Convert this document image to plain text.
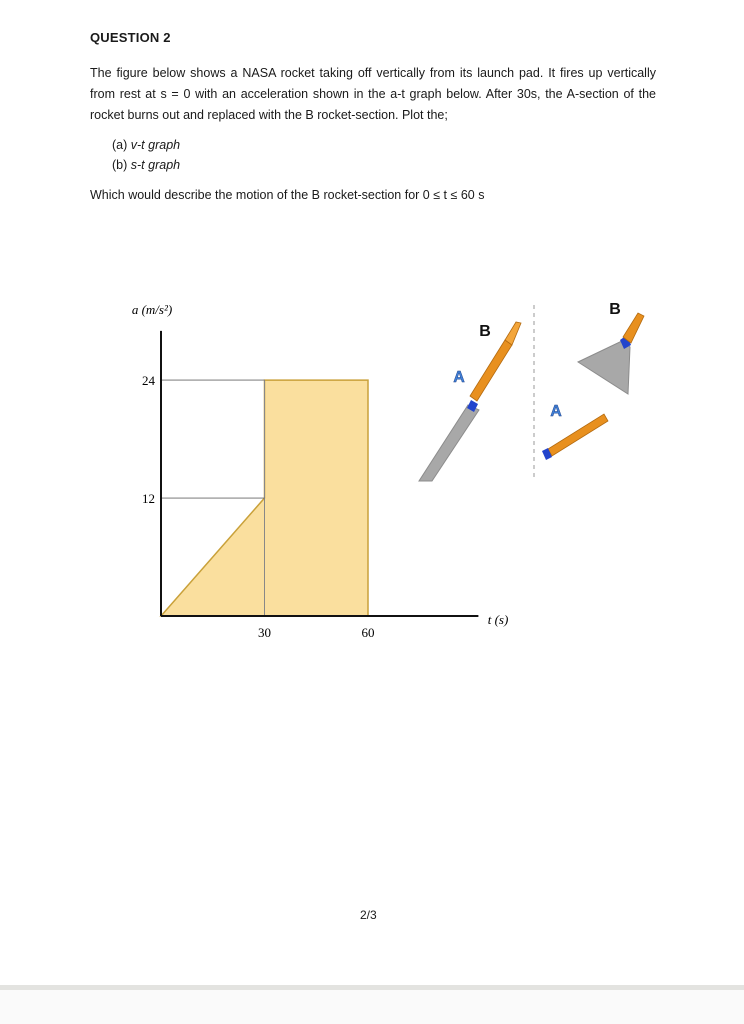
QUESTION 2
The figure below shows a NASA rocket taking off vertically from its launch pad. It fires up vertically from rest at s = 0 with an acceleration shown in the a-t graph below. After 30s, the A-section of the rocket burns out and replaced with the B rocket-section. Plot the;
(a) v-t graph
(b) s-t graph
Which would describe the motion of the B rocket-section for 0 ≤ t ≤ 60 s
24
12
30	60
a (m/s²)
t (s)
B
A
B
A
2/3
